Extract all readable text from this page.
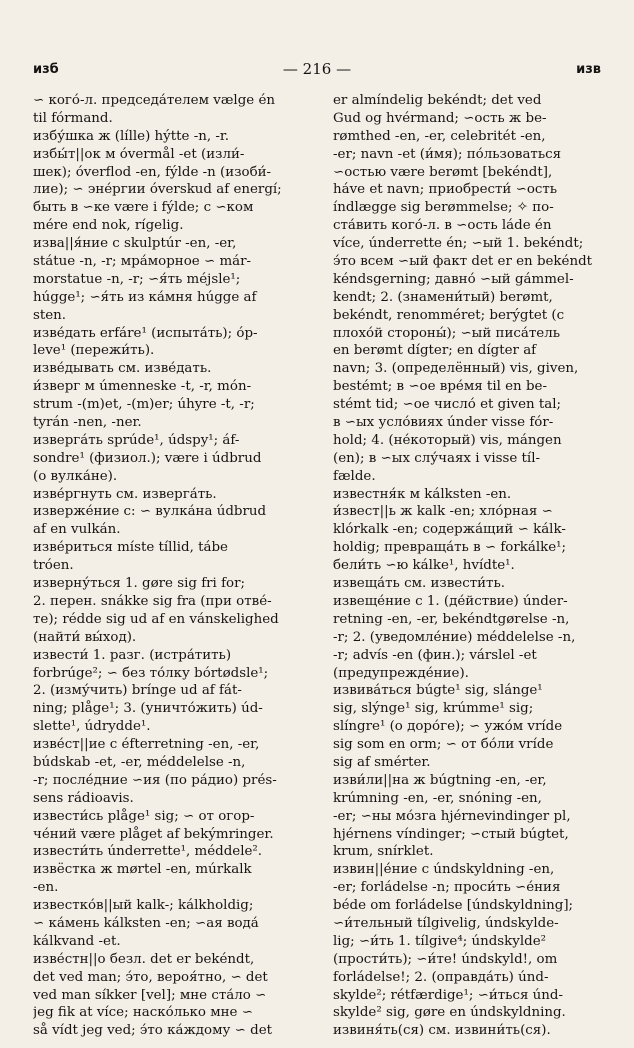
изб	— 216 —	изв
∽ кого́-л. председа́телем vælge én
til fórmand.
избу́шка ж (lílle) hýtte -n, -r.
избы́т||ок м óvermål -et (изли́-
шек); óverflod -en, fýlde -n (изоби́-
лие); ∽ эне́ргии óverskud af energí;
быть в ∽ке være i fýlde; с ∽ком
mére end nok, rígelig.
изва||я́ние с skulptúr -en, -er,
státue -n, -r; мра́морное ∽ már-
morstatue -n, -r; ∽я́ть méjsle¹;
húgge¹; ∽я́ть из ка́мня húgge af
sten.
изве́дать erfáre¹ (испыта́ть); óp-
leve¹ (пережи́ть).
изве́дывать см. изве́дать.
и́зверг м úmenneske -t, -r, món-
strum -(m)et, -(m)er; úhyre -t, -r;
tyrán -nen, -ner.
изверга́ть sprúde¹, údspy¹; áf-
sondre¹ (физиол.); være i údbrud
(о вулка́не).
изве́ргнуть см. изверга́ть.
изверже́ние с: ∽ вулка́на údbrud
af en vulkán.
изве́риться míste tíllid, tábe
tróen.
изверну́ться 1. gøre sig fri for;
2. перен. snákke sig fra (при отве́-
те); rédde sig ud af en vánskelighed
(найти́ вы́ход).
извести́ 1. разг. (истра́тить)
forbrúge²; ∽ без то́лку bórtødsle¹;
2. (изму́чить) brínge ud af fát-
ning; plåge¹; 3. (уничто́жить) úd-
slette¹, údrydde¹.
изве́ст||ие с éfterretning -en, -er,
búdskab -et, -er, méddelelse -n,
-r; после́дние ∽ия (по ра́дио) prés-
sens rádioavis.
извести́сь plåge¹ sig; ∽ от огор-
че́ний være plåget af bekýmringer.
извести́ть únderrette¹, méddele².
извёстка ж mørtel -en, múrkalk
-en.
известко́в||ый kalk-; kálkholdig;
∽ ка́мень kálksten -en; ∽ая вода́
kálkvand -et.
изве́стн||о безл. det er bekéndt,
det ved man; э́то, вероя́тно, ∽ det
ved man síkker [vel]; мне ста́ло ∽
jeg fik at více; наско́лько мне ∽
så vídt jeg ved; э́то ка́ждому ∽ det
er almíndelig bekéndt; det ved
Gud og hvérmand; ∽ость ж be-
rømthed -en, -er, celebritét -en,
-er; navn -et (и́мя); по́льзоваться
∽остью være berømt [bekéndt],
háve et navn; приобрести́ ∽ость
índlægge sig berømmelse; ✧ по-
ста́вить кого́-л. в ∽ость láde én
více, únderrette én; ∽ый 1. bekéndt;
э́то всем ∽ый факт det er en bekéndt
kéndsgerning; давно́ ∽ый gámmel-
kendt; 2. (знамени́тый) berømt,
bekéndt, renomméret; berýgtet (с
плохо́й стороны́); ∽ый писа́тель
en berømt dígter; en dígter af
navn; 3. (определённый) vis, given,
bestémt; в ∽ое вре́мя til en be-
stémt tid; ∽ое число́ et given tal;
в ∽ых усло́виях únder visse fór-
hold; 4. (не́который) vis, mángen
(en); в ∽ых слу́чаях i visse tíl-
fælde.
известня́к м kálksten -en.
и́звест||ь ж kalk -en; хло́рная ∽
klórkalk -en; содержа́щий ∽ kálk-
holdig; превраща́ть в ∽ forkálke¹;
бели́ть ∽ю kálke¹, hvídte¹.
извеща́ть см. извести́ть.
извеще́ние с 1. (де́йствие) únder-
retning -en, -er, bekéndtgørelse -n,
-r; 2. (уведомле́ние) méddelelse -n,
-r; advís -en (фин.); várslel -et
(предупрежде́ние).
извива́ться búgte¹ sig, slánge¹
sig, slýnge¹ sig, krúmme¹ sig;
slíngre¹ (о доро́ге); ∽ ужо́м vríde
sig som en orm; ∽ от бо́ли vríde
sig af smérter.
изви́ли||на ж búgtning -en, -er,
krúmning -en, -er, snóning -en,
-er; ∽ны мо́зга hjérnevindinger pl,
hjérnens víndinger; ∽стый búgtet,
krum, snírklet.
извин||е́ние с úndskyldning -en,
-er; forládelse -n; проси́ть ∽е́ния
béde om forládelse [úndskyldning];
∽и́тельный tílgivelig, úndskyldе-
lig; ∽и́ть 1. tílgive⁴; úndskylde²
(прости́ть); ∽и́те! úndskyld!, om
forládelse!; 2. (оправда́ть) únd-
skylde²; rétfærdige¹; ∽и́ться únd-
skylde² sig, gøre en úndskyldning.
извиня́ть(ся) см. извини́ть(ся).
